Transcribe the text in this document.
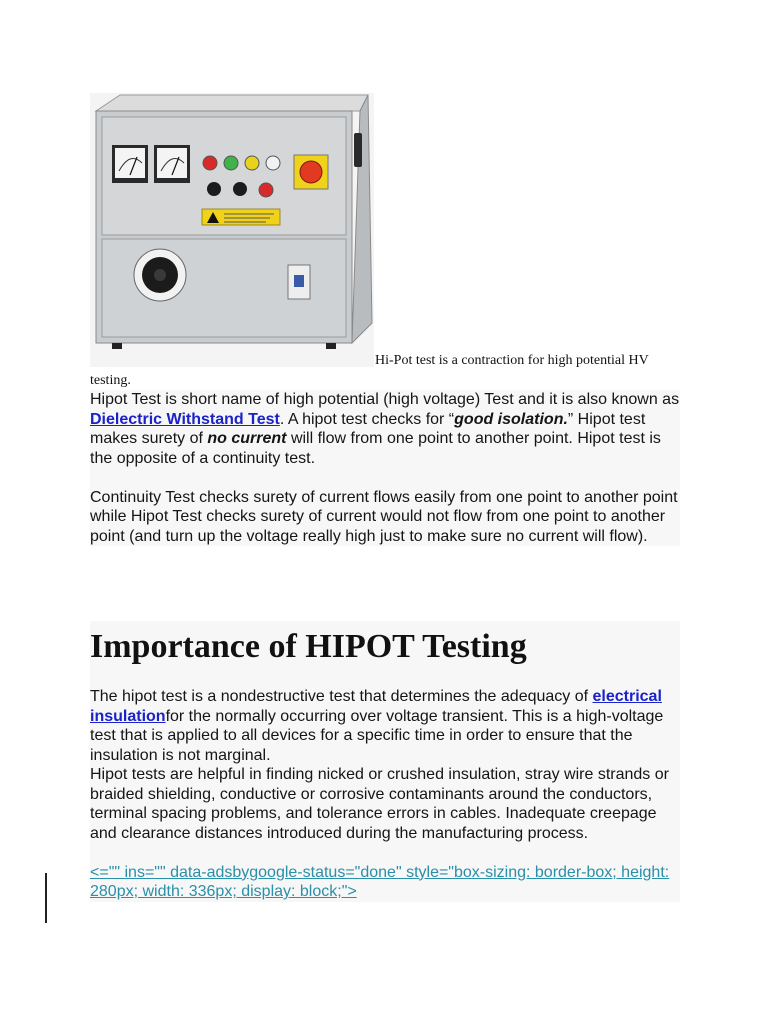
Hi-Pot test is a contraction for high potential HV
testing.

Hipot Test is short name of high potential (high voltage) Test and it is also known as Dielectric Withstand Test. A hipot test checks for “good isolation.” Hipot test makes surety of no current will flow from one point to another point. Hipot test is the opposite of a continuity test.

Continuity Test checks surety of current flows easily from one point to another point while Hipot Test checks surety of current would not flow from one point to another point (and turn up the voltage really high just to make sure no current will flow).

Importance of HIPOT Testing

The hipot test is a nondestructive test that determines the adequacy of electrical insulationfor the normally occurring over voltage transient. This is a high-voltage test that is applied to all devices for a specific time in order to ensure that the insulation is not marginal.

Hipot tests are helpful in finding nicked or crushed insulation, stray wire strands or braided shielding, conductive or corrosive contaminants around the conductors, terminal spacing problems, and tolerance errors in cables. Inadequate creepage and clearance distances introduced during the manufacturing process.

<="" ins="" data-adsbygoogle-status="done" style="box-sizing: border-box; height: 280px; width: 336px; display: block;">
